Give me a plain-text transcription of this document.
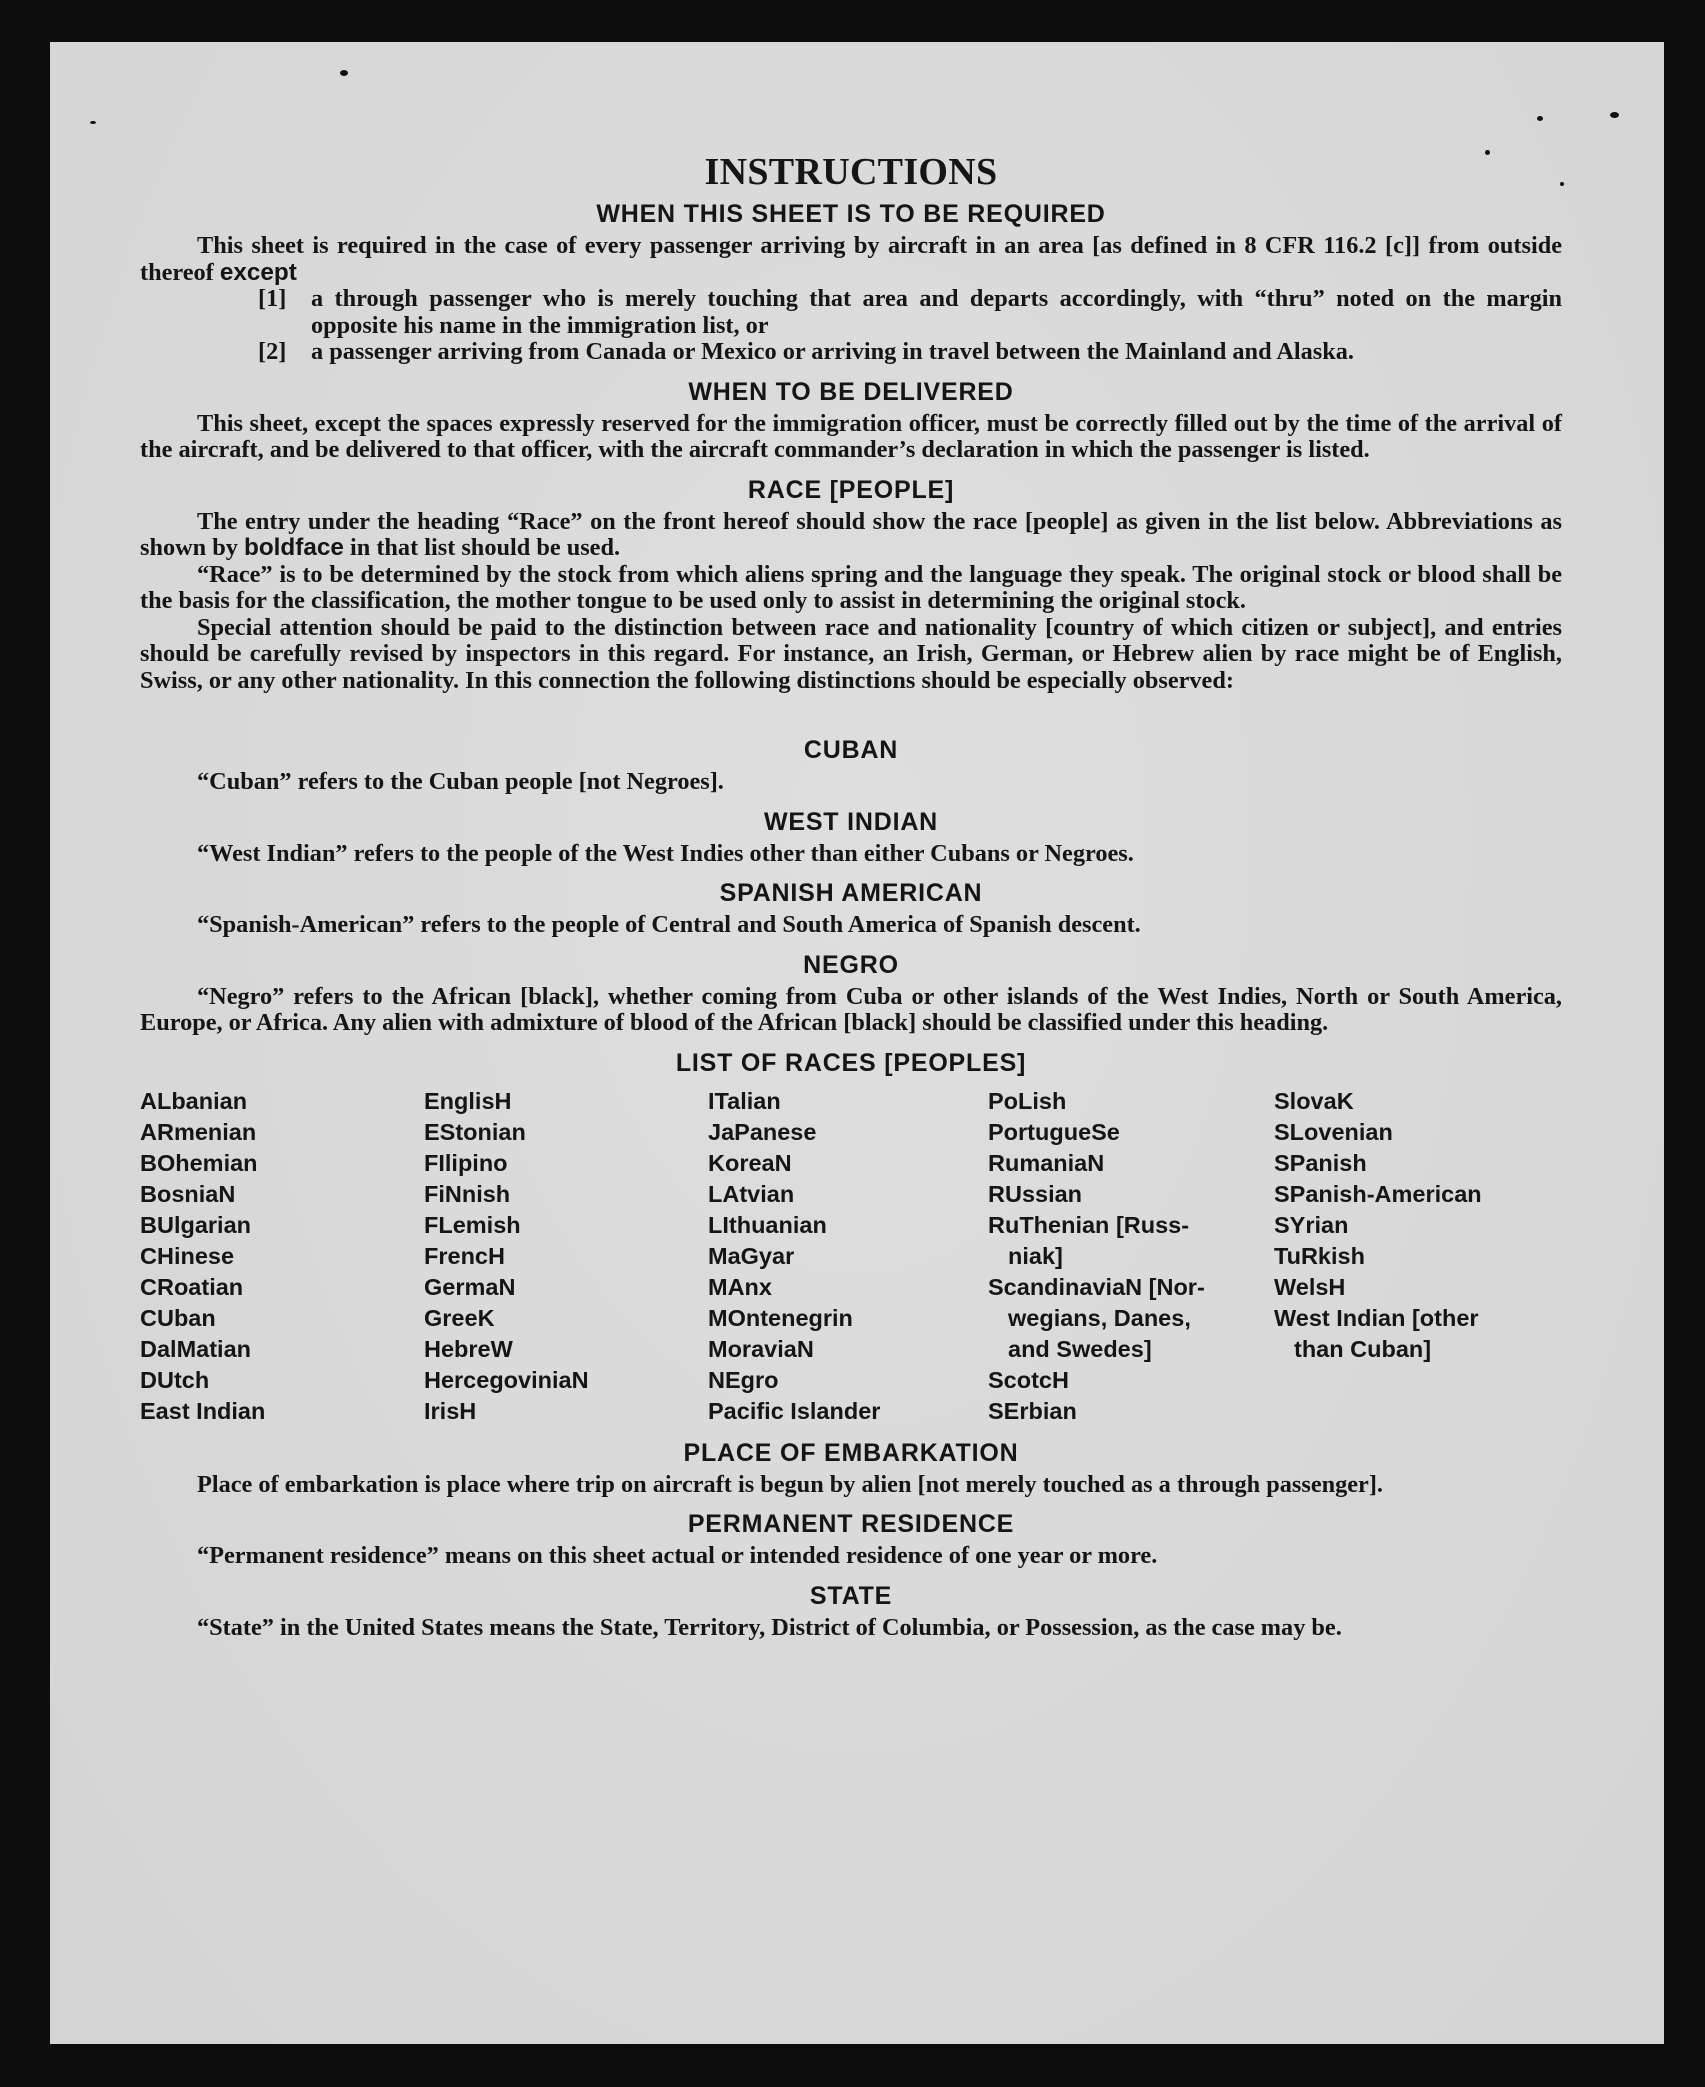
INSTRUCTIONS
WHEN THIS SHEET IS TO BE REQUIRED

This sheet is required in the case of every passenger arriving by aircraft in an area [as defined in 8 CFR 116.2 [c]] from outside thereof except

[1]	a through passenger who is merely touching that area and departs accordingly, with “thru” noted on the margin opposite his name in the immigration list, or
[2]	a passenger arriving from Canada or Mexico or arriving in travel between the Mainland and Alaska.
WHEN TO BE DELIVERED

This sheet, except the spaces expressly reserved for the immigration officer, must be correctly filled out by the time of the arrival of the aircraft, and be delivered to that officer, with the aircraft commander’s declaration in which the passenger is listed.

RACE [PEOPLE]

The entry under the heading “Race” on the front hereof should show the race [people] as given in the list below. Abbreviations as shown by boldface in that list should be used.

“Race” is to be determined by the stock from which aliens spring and the language they speak. The original stock or blood shall be the basis for the classification, the mother tongue to be used only to assist in determining the original stock.

Special attention should be paid to the distinction between race and nationality [country of which citizen or subject], and entries should be carefully revised by inspectors in this regard. For instance, an Irish, German, or Hebrew alien by race might be of English, Swiss, or any other nationality. In this connection the following distinctions should be especially observed:

CUBAN

“Cuban” refers to the Cuban people [not Negroes].

WEST INDIAN

“West Indian” refers to the people of the West Indies other than either Cubans or Negroes.

SPANISH AMERICAN

“Spanish-American” refers to the people of Central and South America of Spanish descent.

NEGRO

“Negro” refers to the African [black], whether coming from Cuba or other islands of the West Indies, North or South America, Europe, or Africa. Any alien with admixture of blood of the African [black] should be classified under this heading.

LIST OF RACES [PEOPLES]
ALbanian
ARmenian
BOhemian
BosniaN
BUlgarian
CHinese
CRoatian
CUban
DalMatian
DUtch
East Indian
EnglisH
EStonian
FIlipino
FiNnish
FLemish
FrencH
GermaN
GreeK
HebreW
HercegoviniaN
IrisH
ITalian
JaPanese
KoreaN
LAtvian
LIthuanian
MaGyar
MAnx
MOntenegrin
MoraviaN
NEgro
Pacific Islander
PoLish
PortugueSe
RumaniaN
RUssian
RuThenian [Russ-
niak]
ScandinaviaN [Nor-
wegians, Danes,
and Swedes]
ScotcH
SErbian
SlovaK
SLovenian
SPanish
SPanish-American
SYrian
TuRkish
WelsH
West Indian [other
than Cuban]
PLACE OF EMBARKATION

Place of embarkation is place where trip on aircraft is begun by alien [not merely touched as a through passenger].

PERMANENT RESIDENCE

“Permanent residence” means on this sheet actual or intended residence of one year or more.

STATE

“State” in the United States means the State, Territory, District of Columbia, or Possession, as the case may be.
